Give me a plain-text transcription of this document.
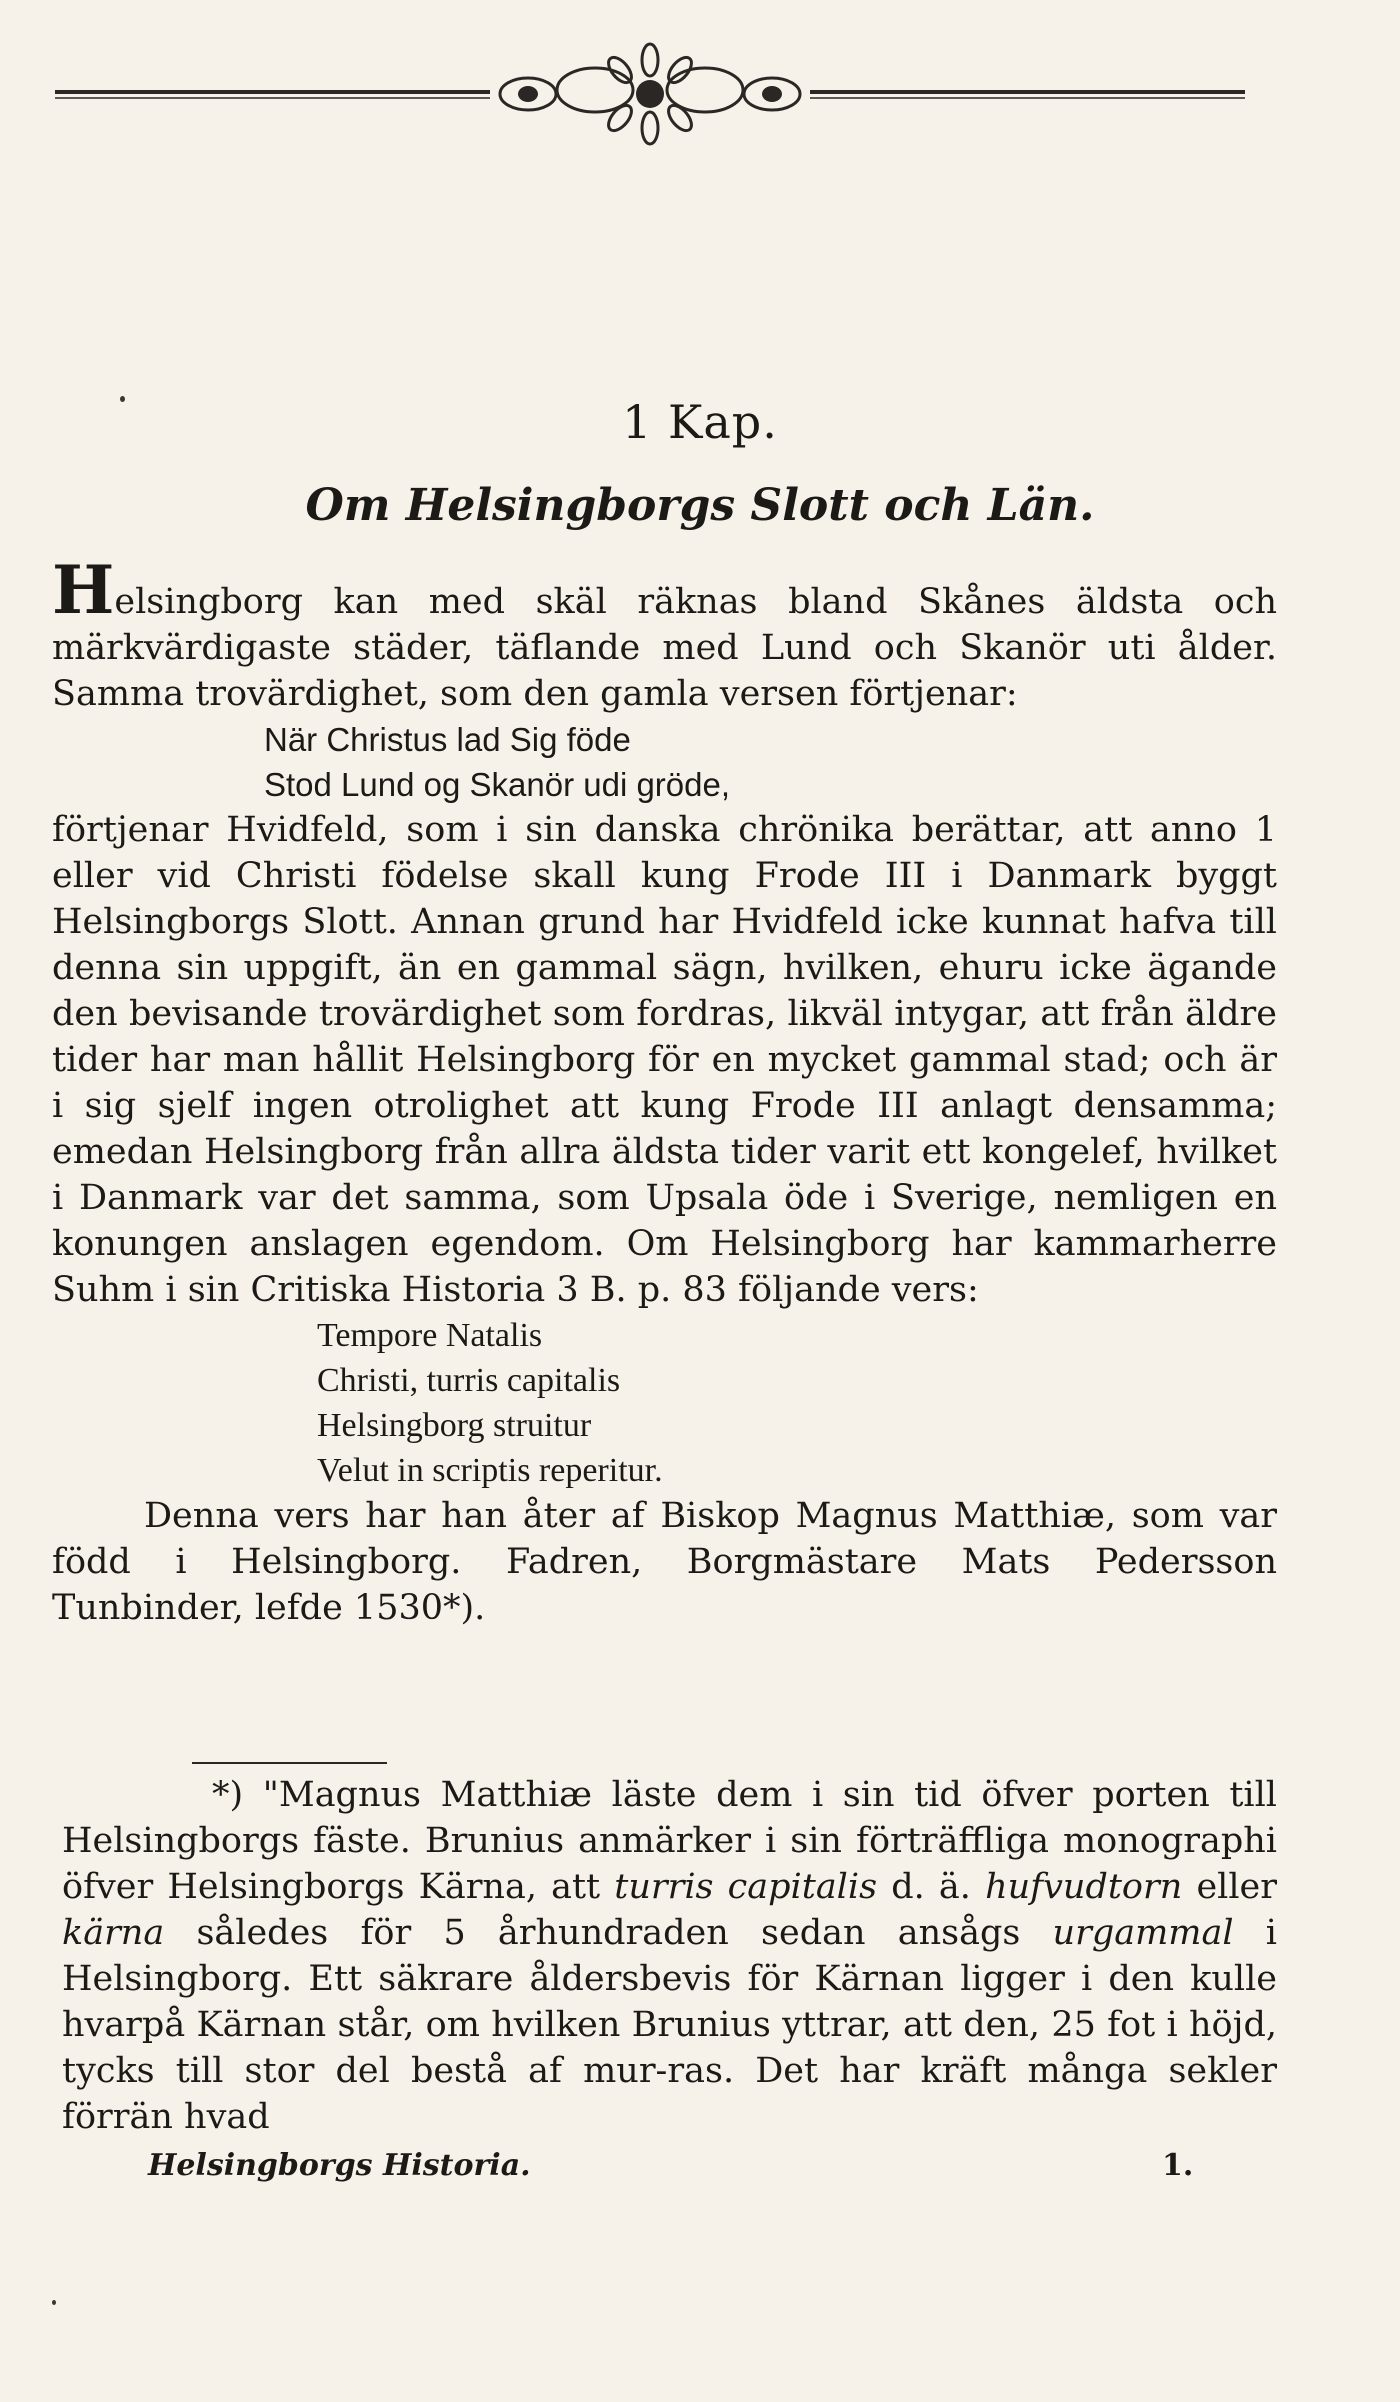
1 Kap.
Om Helsingborgs Slott och Län.

Helsingborg kan med skäl räknas bland Skånes äldsta och märkvärdigaste städer, täflande med Lund och Skanör uti ålder. Samma trovärdighet, som den gamla versen förtjenar:

När Christus lad Sig föde

Stod Lund og Skanör udi gröde,

förtjenar Hvidfeld, som i sin danska chrönika berättar, att anno 1 eller vid Christi födelse skall kung Frode III i Danmark byggt Helsingborgs Slott. Annan grund har Hvidfeld icke kunnat hafva till denna sin uppgift, än en gammal sägn, hvilken, ehuru icke ägande den bevisande trovärdighet som fordras, likväl intygar, att från äldre tider har man hållit Helsingborg för en mycket gammal stad; och är i sig sjelf ingen otrolighet att kung Frode III anlagt densamma; emedan Helsingborg från allra äldsta tider varit ett kongelef, hvilket i Danmark var det samma, som Upsala öde i Sverige, nemligen en konungen anslagen egendom. Om Helsingborg har kammarherre Suhm i sin Critiska Historia 3 B. p. 83 följande vers:

Tempore Natalis

Christi, turris capitalis

Helsingborg struitur

Velut in scriptis reperitur.

Denna vers har han åter af Biskop Magnus Matthiæ, som var född i Helsingborg. Fadren, Borgmästare Mats Pedersson Tunbinder, lefde 1530*).

*) "Magnus Matthiæ läste dem i sin tid öfver porten till Helsingborgs fäste. Brunius anmärker i sin förträffliga monographi öfver Helsingborgs Kärna, att turris capitalis d. ä. hufvudtorn eller kärna således för 5 århundraden sedan ansågs urgammal i Helsingborg. Ett säkrare åldersbevis för Kärnan ligger i den kulle hvarpå Kärnan står, om hvilken Brunius yttrar, att den, 25 fot i höjd, tycks till stor del bestå af mur-ras. Det har kräft många sekler förrän hvad

Helsingborgs Historia.	1.
